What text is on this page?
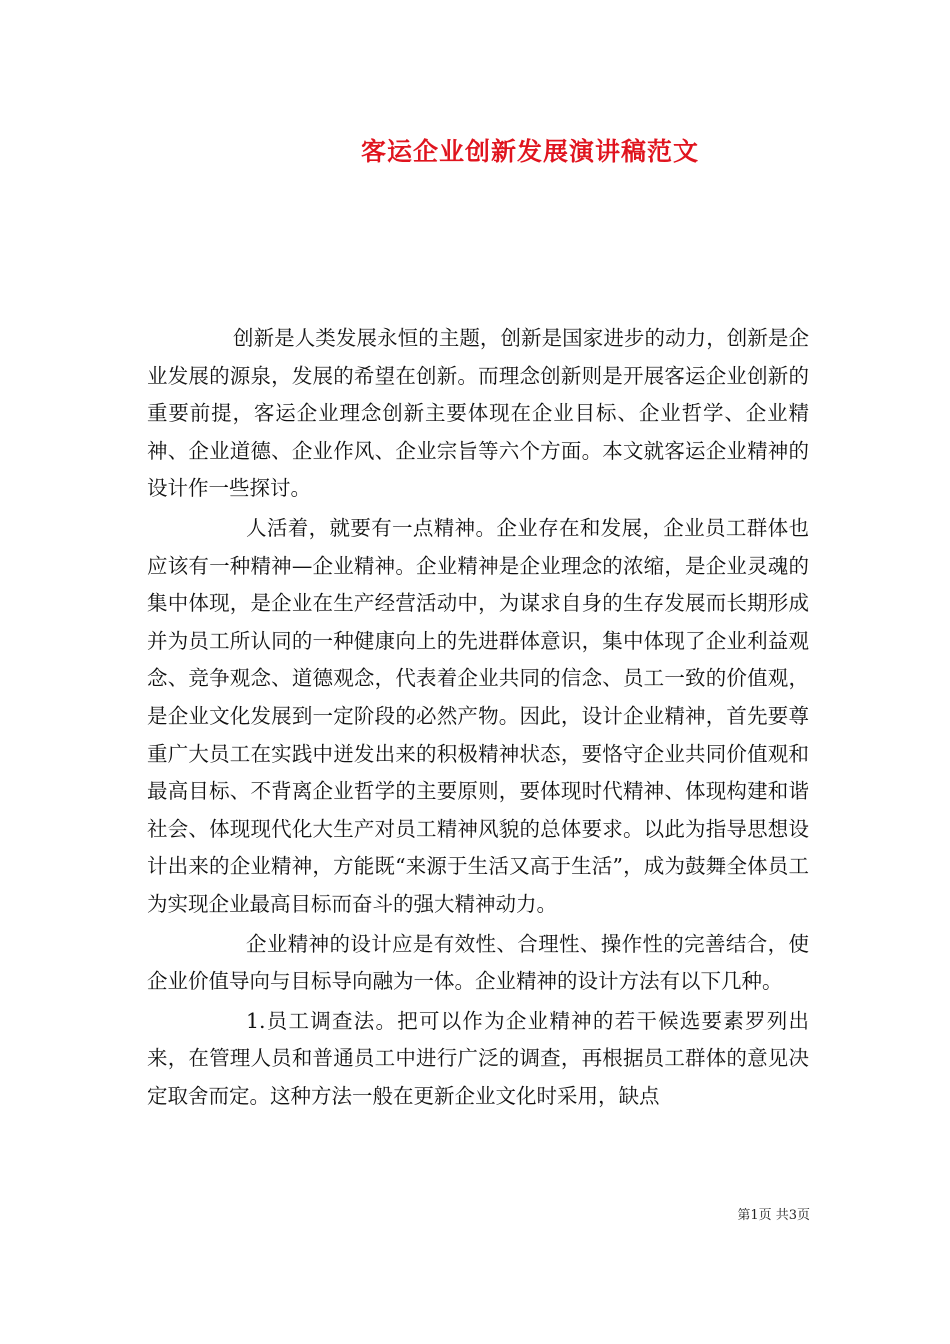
客运企业创新发展演讲稿范文

创新是人类发展永恒的主题，创新是国家进步的动力，创新是企业发展的源泉，发展的希望在创新。而理念创新则是开展客运企业创新的重要前提，客运企业理念创新主要体现在企业目标、企业哲学、企业精神、企业道德、企业作风、企业宗旨等六个方面。本文就客运企业精神的设计作一些探讨。

人活着，就要有一点精神。企业存在和发展，企业员工群体也应该有一种精神—企业精神。企业精神是企业理念的浓缩，是企业灵魂的集中体现，是企业在生产经营活动中，为谋求自身的生存发展而长期形成并为员工所认同的一种健康向上的先进群体意识，集中体现了企业利益观念、竞争观念、道德观念，代表着企业共同的信念、员工一致的价值观，是企业文化发展到一定阶段的必然产物。因此，设计企业精神，首先要尊重广大员工在实践中迸发出来的积极精神状态，要恪守企业共同价值观和最高目标、不背离企业哲学的主要原则，要体现时代精神、体现构建和谐社会、体现现代化大生产对员工精神风貌的总体要求。以此为指导思想设计出来的企业精神，方能既“来源于生活又高于生活”，成为鼓舞全体员工为实现企业最高目标而奋斗的强大精神动力。

企业精神的设计应是有效性、合理性、操作性的完善结合，使企业价值导向与目标导向融为一体。企业精神的设计方法有以下几种。

1.员工调查法。把可以作为企业精神的若干候选要素罗列出来，在管理人员和普通员工中进行广泛的调查，再根据员工群体的意见决定取舍而定。这种方法一般在更新企业文化时采用，缺点

第1页 共3页
